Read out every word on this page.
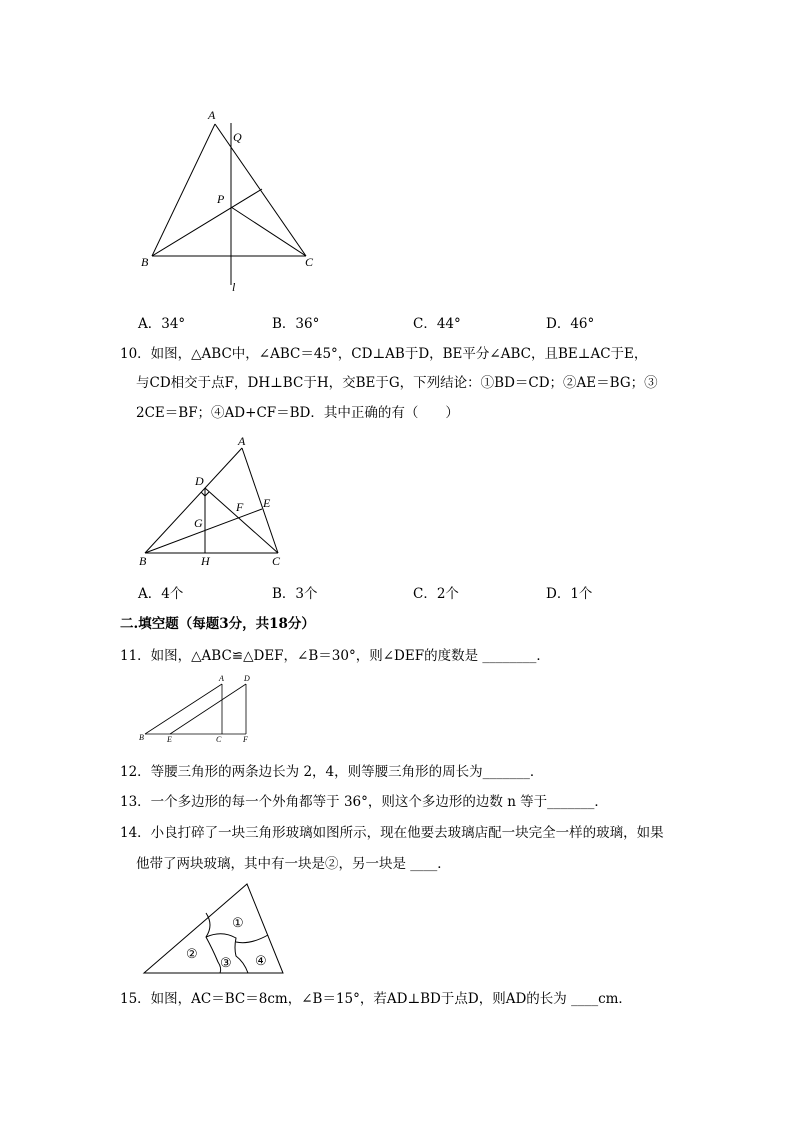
A
Q
P
B	C
l
A．34°	B．36°	C．44°	D．46°
10．如图，△ABC中，∠ABC＝45°，CD⊥AB于D，BE平分∠ABC，且BE⊥AC于E，
与CD相交于点F，DH⊥BC于H，交BE于G，下列结论：①BD＝CD；②AE＝BG；③
2CE＝BF；④AD+CF＝BD．其中正确的有（　　）
A
D
E
F
G
B	H	C
A．4个	B．3个	C．2个	D．1个
二.填空题（每题3分，共18分）
11．如图，△ABC≌△DEF，∠B＝30°，则∠DEF的度数是 ________．
A	D
B	E	C	F
12．等腰三角形的两条边长为 2，4，则等腰三角形的周长为_______．
13．一个多边形的每一个外角都等于 36°，则这个多边形的边数 n 等于_______．
14．小良打碎了一块三角形玻璃如图所示，现在他要去玻璃店配一块完全一样的玻璃，如果
他带了两块玻璃，其中有一块是②，另一块是 ____．
①
②
③ ④
15．如图，AC＝BC＝8cm，∠B＝15°，若AD⊥BD于点D，则AD的长为 ____cm．
